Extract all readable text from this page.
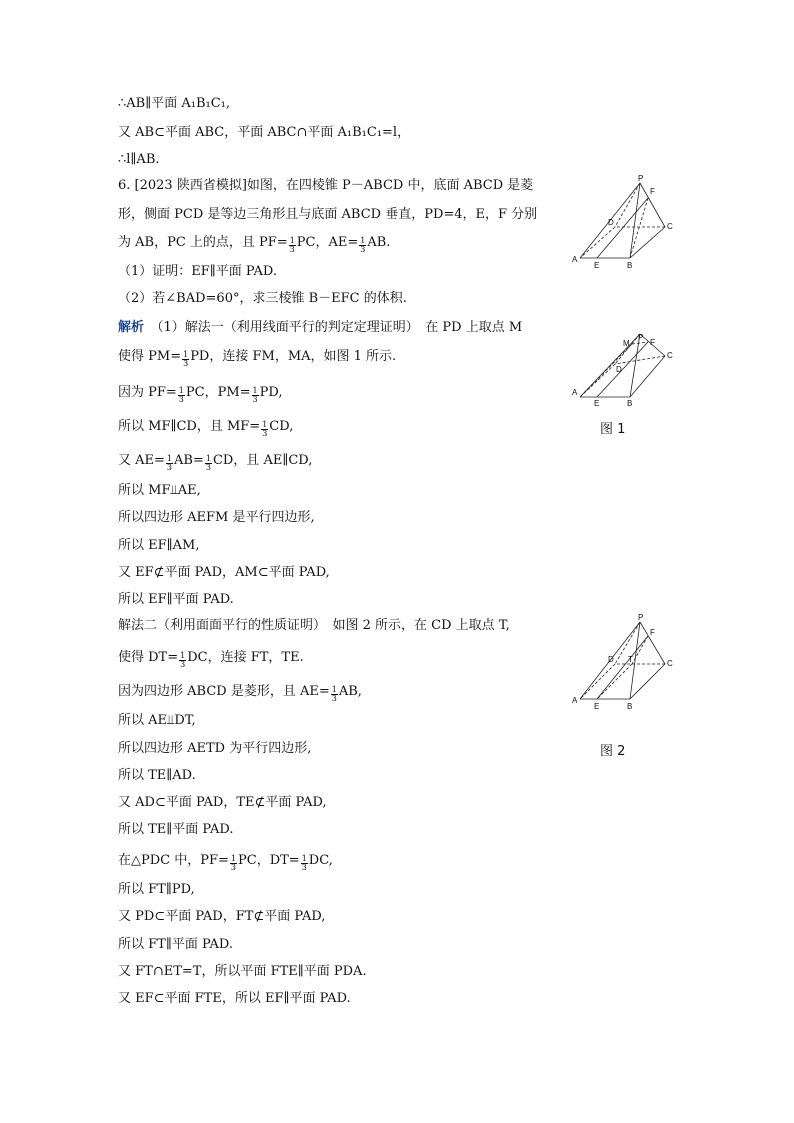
∴AB∥平面 A₁B₁C₁,
又 AB⊂平面 ABC，平面 ABC∩平面 A₁B₁C₁=l，
∴l∥AB.
6. [2023 陕西省模拟]如图，在四棱锥 P－ABCD 中，底面 ABCD 是菱
形，侧面 PCD 是等边三角形且与底面 ABCD 垂直，PD=4，E，F 分别
为 AB，PC 上的点，且 $PF= \frac{1}{3}$ PC，$AE= \frac{1}{3}$ AB.
（1）证明：EF∥平面 PAD.
（2）若∠BAD=60°，求三棱锥 B－EFC 的体积.
解析　（1）解法一（利用线面平行的判定定理证明）　在 PD 上取点 M
使得 $PM= \frac{1}{3}$ PD，连接 FM，MA，如图 1 所示.
因为 $PF= \frac{1}{3}$ PC，$PM= \frac{1}{3}$ PD,
所以 MF∥CD，且 $MF= \frac{1}{3}$ CD,
又 $AE= \frac{1}{3} AB= \frac{1}{3}$ CD，且 AE∥CD,
所以 MF⫫AE,
所以四边形 AEFM 是平行四边形,
所以 EF∥AM,
又 EF⊄平面 PAD，AM⊂平面 PAD,
所以 EF∥平面 PAD.
解法二（利用面面平行的性质证明）　如图 2 所示，在 CD 上取点 T,
使得 $DT= \frac{1}{3}$ DC，连接 FT，TE.
因为四边形 ABCD 是菱形，且 $AE= \frac{1}{3}$ AB,
所以 AE⫫DT,
所以四边形 AETD 为平行四边形,
所以 TE∥AD.
又 AD⊂平面 PAD，TE⊄平面 PAD,
所以 TE∥平面 PAD.
在△PDC 中，$PF= \frac{1}{3}$ PC，$DT= \frac{1}{3}$ DC,
所以 FT∥PD,
又 PD⊂平面 PAD，FT⊄平面 PAD,
所以 FT∥平面 PAD.
又 FT∩ET=T，所以平面 FTE∥平面 PDA.
又 EF⊂平面 FTE，所以 EF∥平面 PAD.
P
F
D	C
A
E	B
P
M	F
D
C
A
E	B
图 1
P
F
D T	C
A
E	B
图 2
